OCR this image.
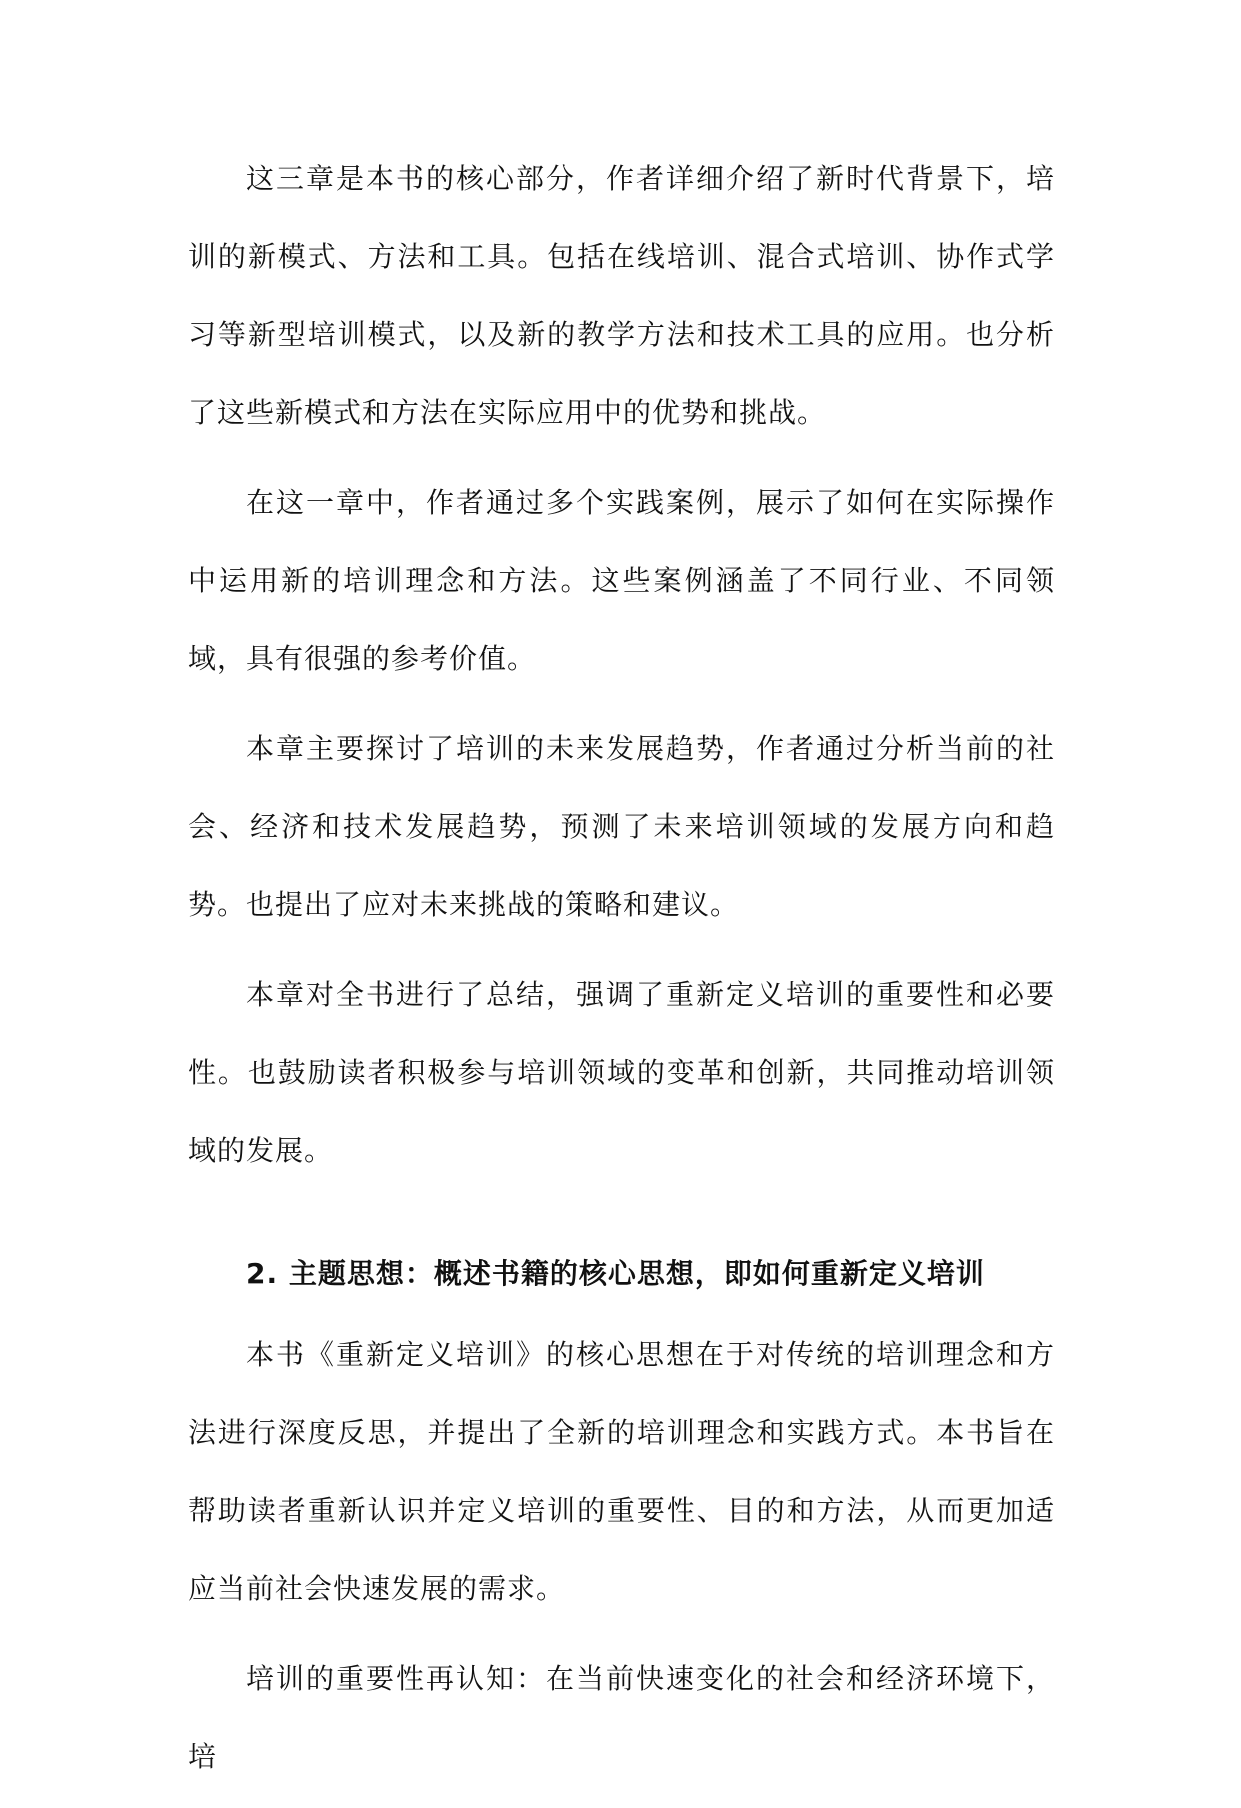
这三章是本书的核心部分，作者详细介绍了新时代背景下，培训的新模式、方法和工具。包括在线培训、混合式培训、协作式学习等新型培训模式，以及新的教学方法和技术工具的应用。也分析了这些新模式和方法在实际应用中的优势和挑战。

在这一章中，作者通过多个实践案例，展示了如何在实际操作中运用新的培训理念和方法。这些案例涵盖了不同行业、不同领域，具有很强的参考价值。

本章主要探讨了培训的未来发展趋势，作者通过分析当前的社会、经济和技术发展趋势，预测了未来培训领域的发展方向和趋势。也提出了应对未来挑战的策略和建议。

本章对全书进行了总结，强调了重新定义培训的重要性和必要性。也鼓励读者积极参与培训领域的变革和创新，共同推动培训领域的发展。

2. 主题思想：概述书籍的核心思想，即如何重新定义培训

本书《重新定义培训》的核心思想在于对传统的培训理念和方法进行深度反思，并提出了全新的培训理念和实践方式。本书旨在帮助读者重新认识并定义培训的重要性、目的和方法，从而更加适应当前社会快速发展的需求。

培训的重要性再认知：在当前快速变化的社会和经济环境下，培
